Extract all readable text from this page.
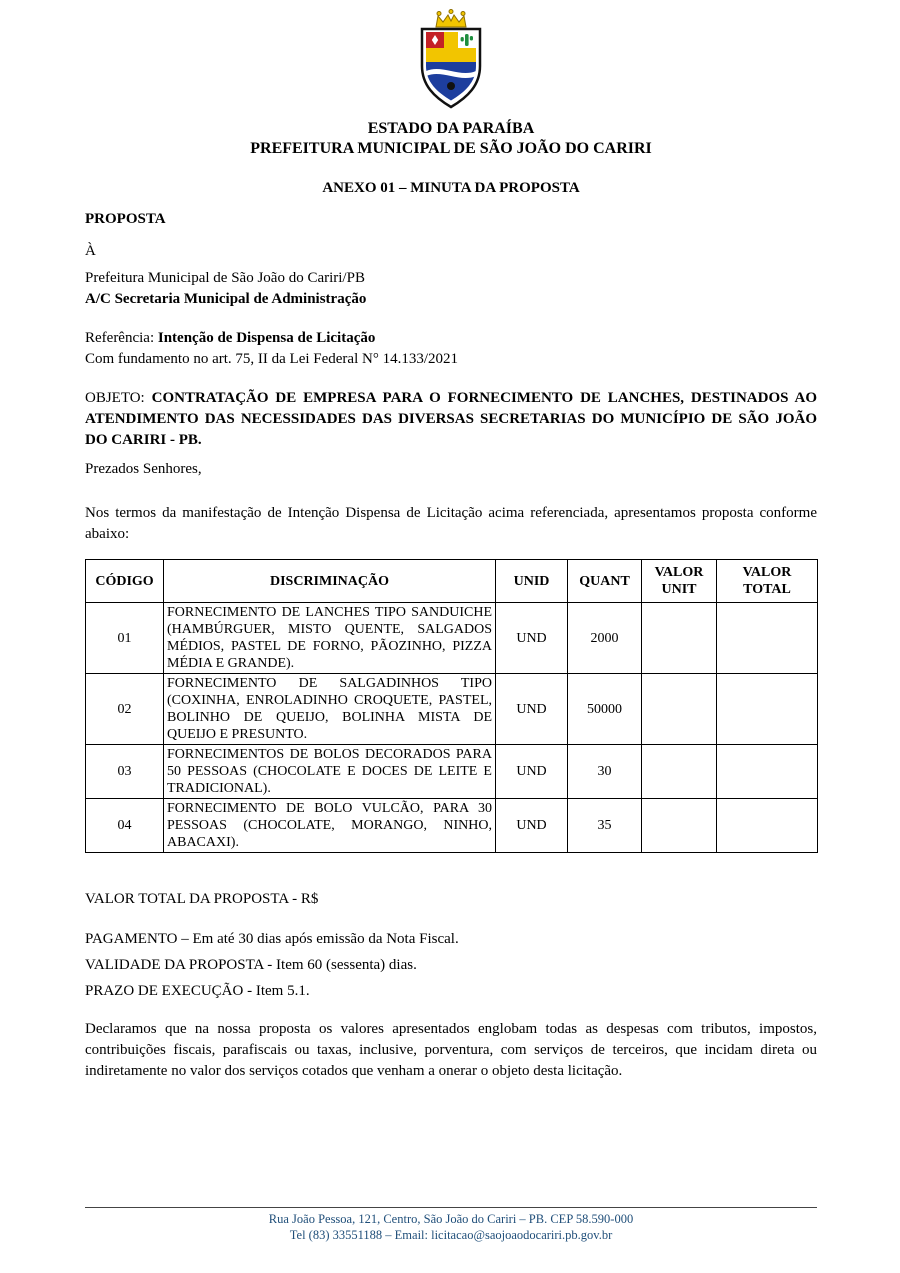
ESTADO DA PARAÍBA
PREFEITURA MUNICIPAL DE SÃO JOÃO DO CARIRI
ANEXO 01 – MINUTA DA PROPOSTA
PROPOSTA
À
Prefeitura Municipal de São João do Cariri/PB
A/C Secretaria Municipal de Administração
Referência: Intenção de Dispensa de Licitação
Com fundamento no art. 75, II da Lei Federal N° 14.133/2021

OBJETO: CONTRATAÇÃO DE EMPRESA PARA O FORNECIMENTO DE LANCHES, DESTINADOS AO ATENDIMENTO DAS NECESSIDADES DAS DIVERSAS SECRETARIAS DO MUNICÍPIO DE SÃO JOÃO DO CARIRI - PB.

Prezados Senhores,

Nos termos da manifestação de Intenção Dispensa de Licitação acima referenciada, apresentamos proposta conforme abaixo:

CÓDIGO	DISCRIMINAÇÃO	UNID	QUANT	VALOR UNIT	VALOR TOTAL
01	FORNECIMENTO DE LANCHES TIPO SANDUICHE (HAMBÚRGUER, MISTO QUENTE, SALGADOS MÉDIOS, PASTEL DE FORNO, PÃOZINHO, PIZZA MÉDIA E GRANDE).	UND	2000		
02	FORNECIMENTO DE SALGADINHOS TIPO (COXINHA, ENROLADINHO CROQUETE, PASTEL, BOLINHO DE QUEIJO, BOLINHA MISTA DE QUEIJO E PRESUNTO.	UND	50000		
03	FORNECIMENTOS DE BOLOS DECORADOS PARA 50 PESSOAS (CHOCOLATE E DOCES DE LEITE E TRADICIONAL).	UND	30		
04	FORNECIMENTO DE BOLO VULCÃO, PARA 30 PESSOAS (CHOCOLATE, MORANGO, NINHO, ABACAXI).	UND	35		

VALOR TOTAL DA PROPOSTA - R$

PAGAMENTO – Em até 30 dias após emissão da Nota Fiscal.

VALIDADE DA PROPOSTA - Item 60 (sessenta) dias.

PRAZO DE EXECUÇÃO - Item 5.1.

Declaramos que na nossa proposta os valores apresentados englobam todas as despesas com tributos, impostos, contribuições fiscais, parafiscais ou taxas, inclusive, porventura, com serviços de terceiros, que incidam direta ou indiretamente no valor dos serviços cotados que venham a onerar o objeto desta licitação.

Rua João Pessoa, 121, Centro, São João do Cariri – PB. CEP 58.590-000
Tel (83) 33551188 – Email: licitacao@saojoaodocariri.pb.gov.br
